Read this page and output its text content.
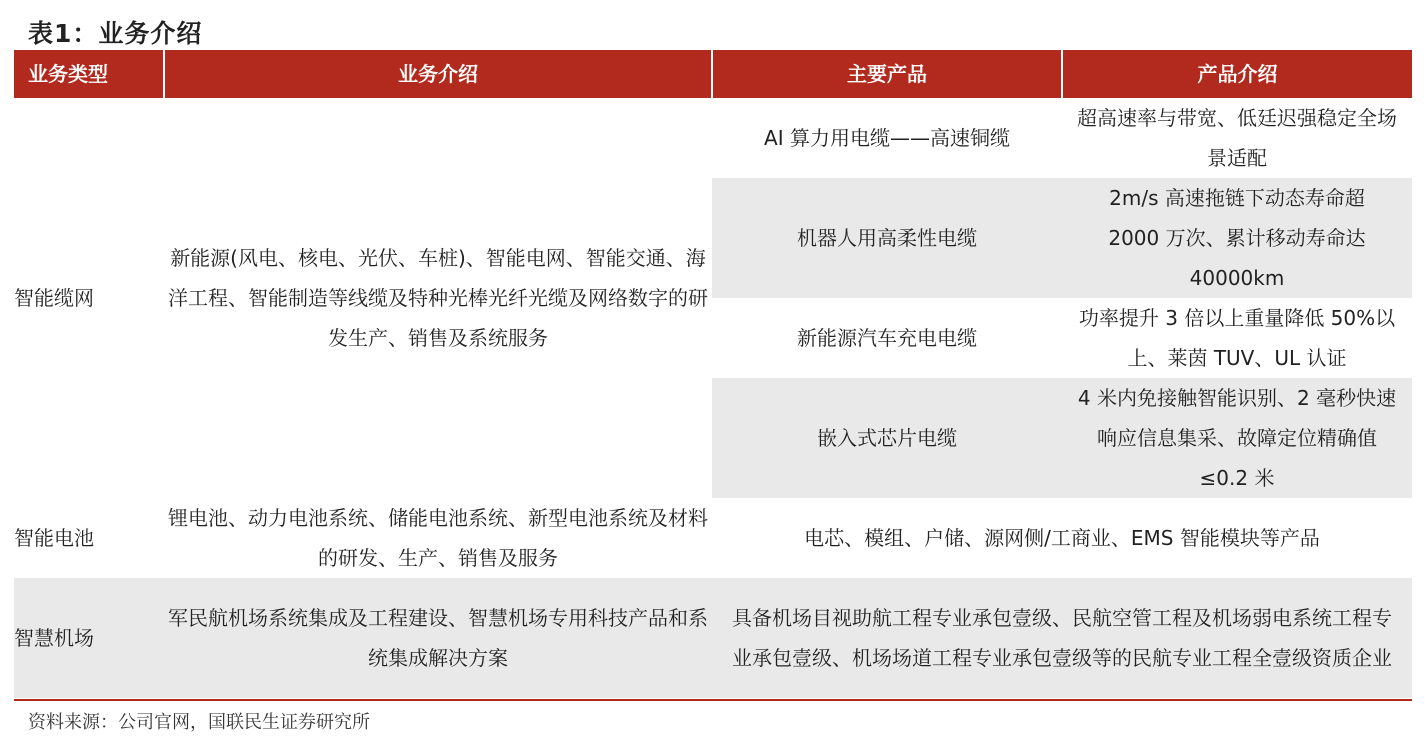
表1：业务介绍
业务类型	业务介绍	主要产品	产品介绍
智能缆网	新能源(风电、核电、光伏、车桩)、智能电网、智能交通、海洋工程、智能制造等线缆及特种光棒光纤光缆及网络数字的研发生产、销售及系统服务	AI 算力用电缆——高速铜缆	超高速率与带宽、低廷迟强稳定全场景适配
		机器人用高柔性电缆	2m/s 高速拖链下动态寿命超 2000 万次、累计移动寿命达 40000km
		新能源汽车充电电缆	功率提升 3 倍以上重量降低 50%以上、莱茵 TUV、UL 认证
		嵌入式芯片电缆	4 米内免接触智能识别、2 毫秒快速响应信息集采、故障定位精确值≤0.2 米
智能电池	锂电池、动力电池系统、储能电池系统、新型电池系统及材料的研发、生产、销售及服务	电芯、模组、户储、源网侧/工商业、EMS 智能模块等产品	
智慧机场	军民航机场系统集成及工程建设、智慧机场专用科技产品和系统集成解决方案	具备机场目视助航工程专业承包壹级、民航空管工程及机场弱电系统工程专业承包壹级、机场场道工程专业承包壹级等的民航专业工程全壹级资质企业	
资料来源：公司官网，国联民生证券研究所
